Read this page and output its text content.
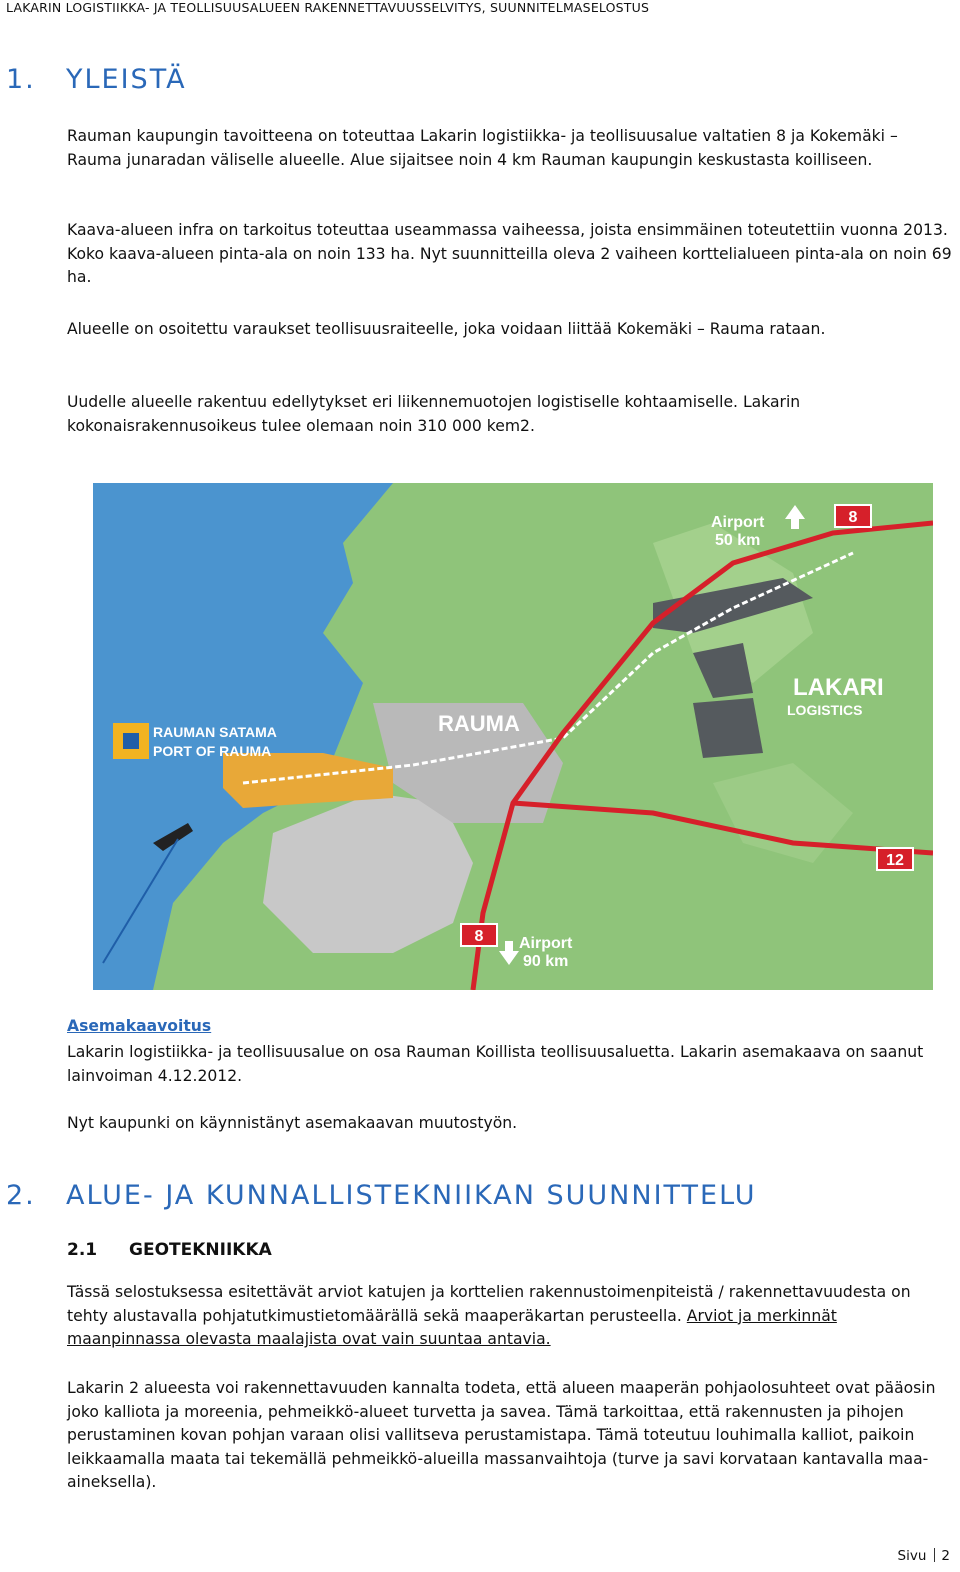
LAKARIN LOGISTIIKKA- JA TEOLLISUUSALUEEN RAKENNETTAVUUSSELVITYS, SUUNNITELMASELOSTUS
1. YLEISTÄ

Rauman kaupungin tavoitteena on toteuttaa Lakarin logistiikka- ja teollisuusalue valtatien 8 ja Kokemäki – Rauma junaradan väliselle alueelle. Alue sijaitsee noin 4 km Rauman kaupungin keskustasta koilliseen.

Kaava-alueen infra on tarkoitus toteuttaa useammassa vaiheessa, joista ensimmäinen toteutettiin vuonna 2013. Koko kaava-alueen pinta-ala on noin 133 ha. Nyt suunnitteilla oleva 2 vaiheen korttelialueen pinta-ala on noin 69 ha.

Alueelle on osoitettu varaukset teollisuusraiteelle, joka voidaan liittää Kokemäki – Rauma rataan.

Uudelle alueelle rakentuu edellytykset eri liikennemuotojen logistiselle kohtaamiselle. Lakarin kokonaisrakennusoikeus tulee olemaan noin 310 000 kem2.

8
12
8
Airport
50 km
Airport
90 km
RAUMA
RAUMAN SATAMA
PORT OF RAUMA
LAKARI
LOGISTICS
Asemakaavoitus

Lakarin logistiikka- ja teollisuusalue on osa Rauman Koillista teollisuusaluetta. Lakarin asemakaava on saanut lainvoiman 4.12.2012.

Nyt kaupunki on käynnistänyt asemakaavan muutostyön.

2. ALUE- JA KUNNALLISTEKNIIKAN SUUNNITTELU
2.1 GEOTEKNIIKKA

Tässä selostuksessa esitettävät arviot katujen ja korttelien rakennustoimenpiteistä / rakennettavuudesta on tehty alustavalla pohjatutkimustietomäärällä sekä maaperäkartan perusteella. Arviot ja merkinnät maanpinnassa olevasta maalajista ovat vain suuntaa antavia.

Lakarin 2 alueesta voi rakennettavuuden kannalta todeta, että alueen maaperän pohjaolosuhteet ovat pääosin joko kalliota ja moreenia, pehmeikkö-alueet turvetta ja savea. Tämä tarkoittaa, että rakennusten ja pihojen perustaminen kovan pohjan varaan olisi vallitseva perustamistapa. Tämä toteutuu louhimalla kalliot, paikoin leikkaamalla maata tai tekemällä pehmeikkö-alueilla massanvaihtoja (turve ja savi korvataan kantavalla maa-aineksella).

Sivu 2
